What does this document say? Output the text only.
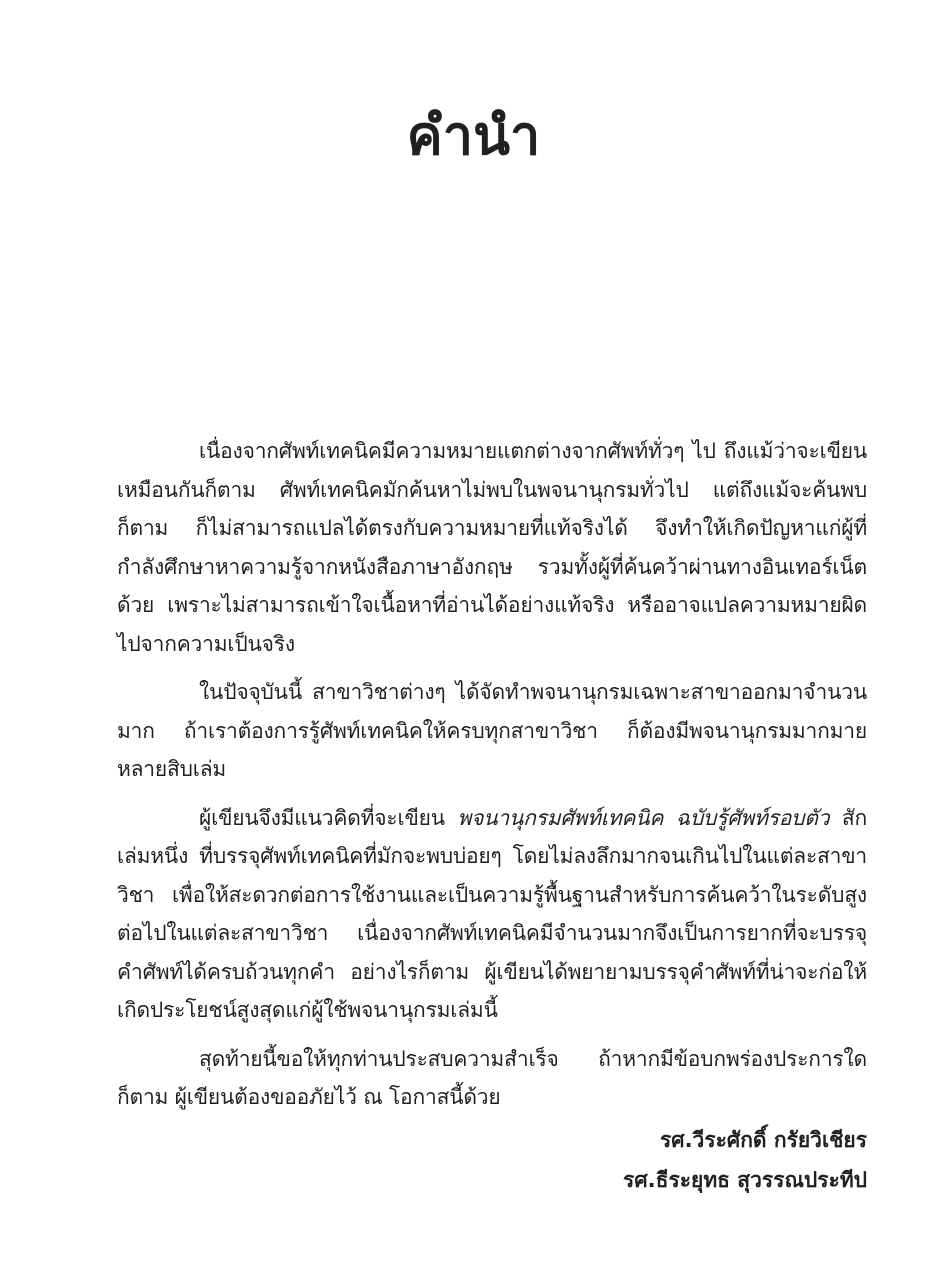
คำนำ

เนื่องจากศัพท์เทคนิคมีความหมายแตกต่างจากศัพท์ทั่วๆ ไป ถึงแม้ว่าจะเขียนเหมือนกันก็ตาม ศัพท์เทคนิคมักค้นหาไม่พบในพจนานุกรมทั่วไป แต่ถึงแม้จะค้นพบก็ตาม ก็ไม่สามารถแปลได้ตรงกับความหมายที่แท้จริงได้ จึงทำให้เกิดปัญหาแก่ผู้ที่กำลังศึกษาหาความรู้จากหนังสือภาษาอังกฤษ รวมทั้งผู้ที่ค้นคว้าผ่านทางอินเทอร์เน็ตด้วย เพราะไม่สามารถเข้าใจเนื้อหาที่อ่านได้อย่างแท้จริง หรืออาจแปลความหมายผิดไปจากความเป็นจริง

ในปัจจุบันนี้ สาขาวิชาต่างๆ ได้จัดทำพจนานุกรมเฉพาะสาขาออกมาจำนวนมาก ถ้าเราต้องการรู้ศัพท์เทคนิคให้ครบทุกสาขาวิชา ก็ต้องมีพจนานุกรมมากมายหลายสิบเล่ม

ผู้เขียนจึงมีแนวคิดที่จะเขียน พจนานุกรมศัพท์เทคนิค ฉบับรู้ศัพท์รอบตัว สักเล่มหนึ่ง ที่บรรจุศัพท์เทคนิคที่มักจะพบบ่อยๆ โดยไม่ลงลึกมากจนเกินไปในแต่ละสาขาวิชา เพื่อให้สะดวกต่อการใช้งานและเป็นความรู้พื้นฐานสำหรับการค้นคว้าในระดับสูงต่อไปในแต่ละสาขาวิชา เนื่องจากศัพท์เทคนิคมีจำนวนมากจึงเป็นการยากที่จะบรรจุคำศัพท์ได้ครบถ้วนทุกคำ อย่างไรก็ตาม ผู้เขียนได้พยายามบรรจุคำศัพท์ที่น่าจะก่อให้เกิดประโยชน์สูงสุดแก่ผู้ใช้พจนานุกรมเล่มนี้

สุดท้ายนี้ขอให้ทุกท่านประสบความสำเร็จ ถ้าหากมีข้อบกพร่องประการใดก็ตาม ผู้เขียนต้องขออภัยไว้ ณ โอกาสนี้ด้วย

รศ.วีระศักดิ์ กรัยวิเชียร

รศ.ธีระยุทธ สุวรรณประทีป
